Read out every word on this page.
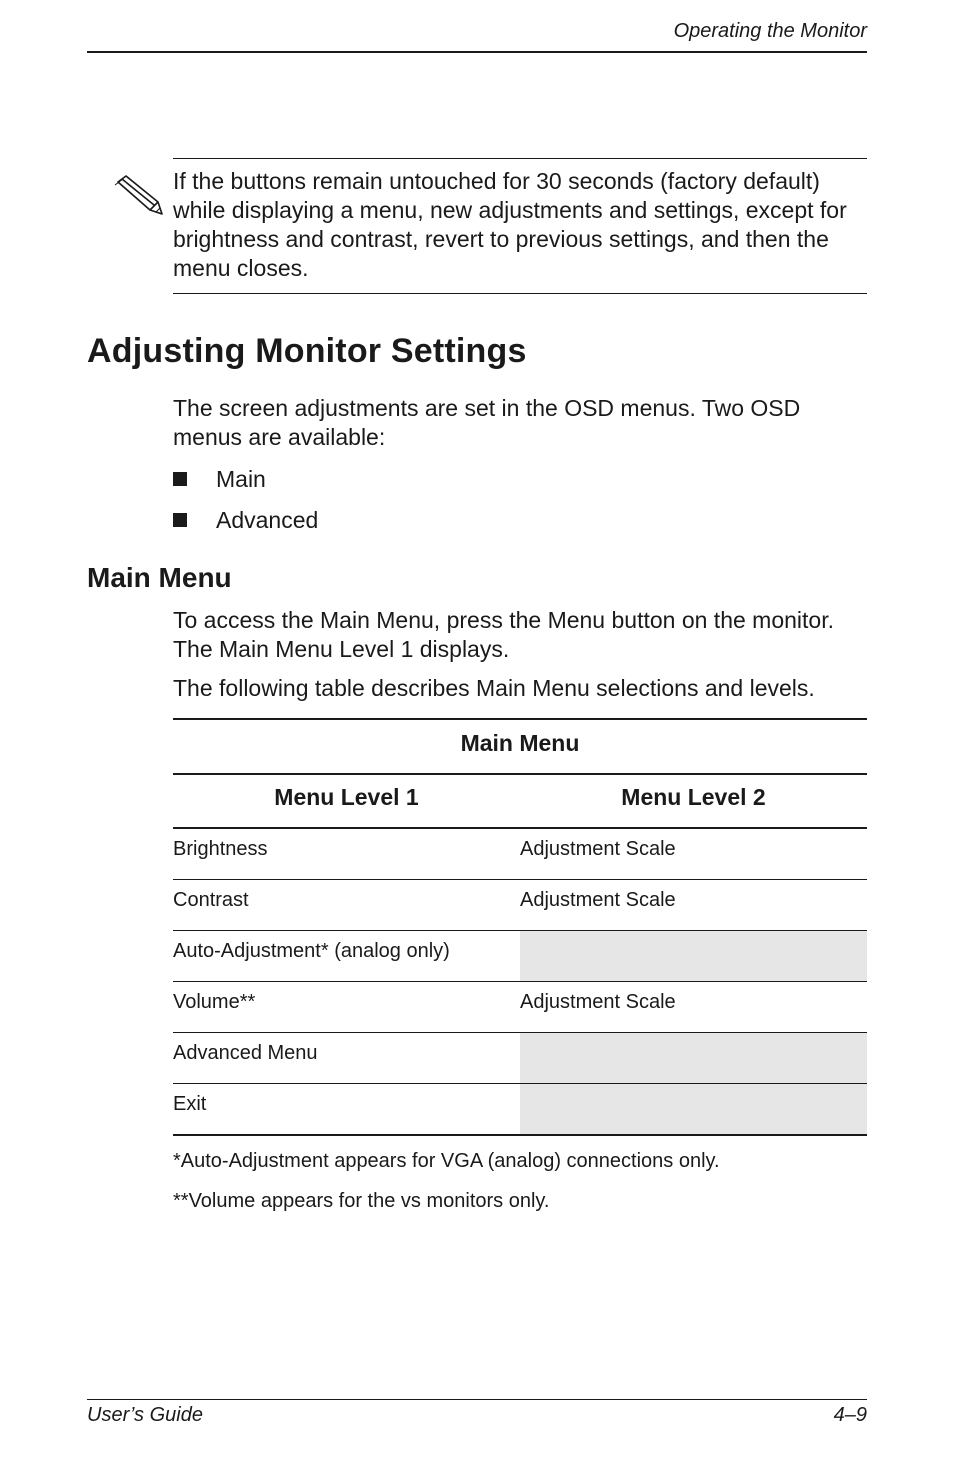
Operating the Monitor
If the buttons remain untouched for 30 seconds (factory default) while displaying a menu, new adjustments and settings, except for brightness and contrast, revert to previous settings, and then the menu closes.
Adjusting Monitor Settings

The screen adjustments are set in the OSD menus. Two OSD menus are available:

Main
Advanced
Main Menu

To access the Main Menu, press the Menu button on the monitor. The Main Menu Level 1 displays.

The following table describes Main Menu selections and levels.

Main Menu
Menu Level 1	Menu Level 2
Brightness	Adjustment Scale
Contrast	Adjustment Scale
Auto-Adjustment* (analog only)
Volume**	Adjustment Scale
Advanced Menu
Exit
*Auto-Adjustment appears for VGA (analog) connections only.
**Volume appears for the vs monitors only.
User’s Guide	4–9
